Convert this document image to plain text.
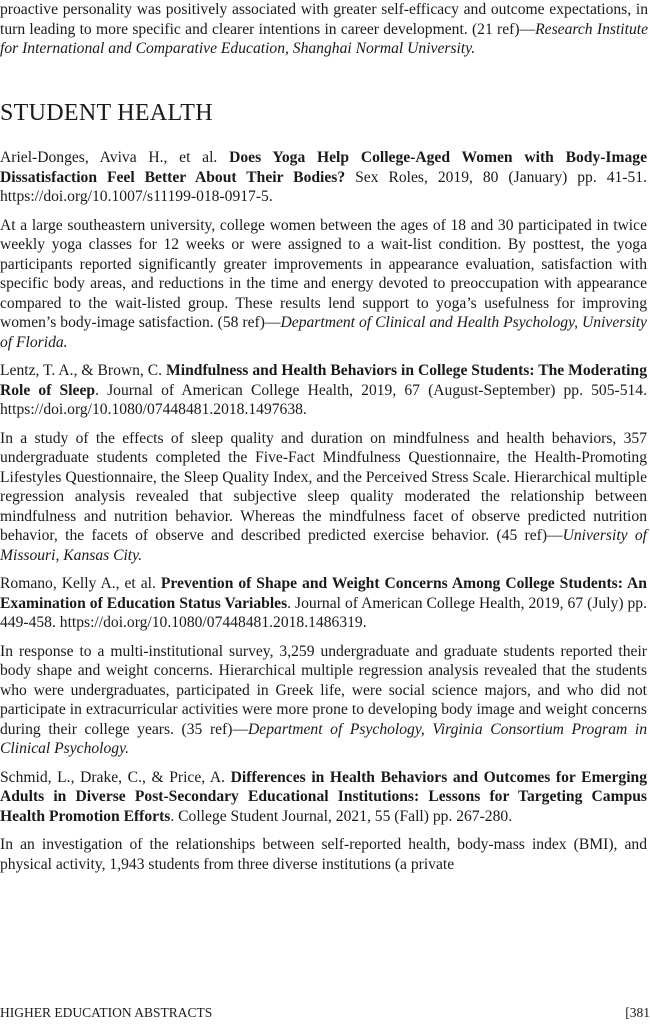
proactive personality was positively associated with greater self-efficacy and outcome expectations, in turn leading to more specific and clearer intentions in career development. (21 ref)—Research Institute for International and Comparative Education, Shanghai Normal University.

STUDENT HEALTH

Ariel-Donges, Aviva H., et al. Does Yoga Help College-Aged Women with Body-Image Dissatisfaction Feel Better About Their Bodies? Sex Roles, 2019, 80 (January) pp. 41-51. https://doi.org/10.1007/s11199-018-0917-5.

At a large southeastern university, college women between the ages of 18 and 30 participated in twice weekly yoga classes for 12 weeks or were assigned to a wait-list condition. By posttest, the yoga participants reported significantly greater improvements in appearance evaluation, satisfaction with specific body areas, and reductions in the time and energy devoted to preoccupation with appearance compared to the wait-listed group. These results lend support to yoga’s usefulness for improving women’s body-image satisfaction. (58 ref)—Department of Clinical and Health Psychology, University of Florida.

Lentz, T. A., & Brown, C. Mindfulness and Health Behaviors in College Students: The Moderating Role of Sleep. Journal of American College Health, 2019, 67 (August-September) pp. 505-514. https://doi.org/10.1080/07448481.2018.1497638.

In a study of the effects of sleep quality and duration on mindfulness and health behaviors, 357 undergraduate students completed the Five-Fact Mindfulness Questionnaire, the Health-Promoting Lifestyles Questionnaire, the Sleep Quality Index, and the Perceived Stress Scale. Hierarchical multiple regression analysis revealed that subjective sleep quality moderated the relationship between mindfulness and nutrition behavior. Whereas the mindfulness facet of observe predicted nutrition behavior, the facets of observe and described predicted exercise behavior. (45 ref)—University of Missouri, Kansas City.

Romano, Kelly A., et al. Prevention of Shape and Weight Concerns Among College Students: An Examination of Education Status Variables. Journal of American College Health, 2019, 67 (July) pp. 449-458. https://doi.org/10.1080/07448481.2018.1486319.

In response to a multi-institutional survey, 3,259 undergraduate and graduate students reported their body shape and weight concerns. Hierarchical multiple regression analysis revealed that the students who were undergraduates, participated in Greek life, were social science majors, and who did not participate in extracurricular activities were more prone to developing body image and weight concerns during their college years. (35 ref)—Department of Psychology, Virginia Consortium Program in Clinical Psychology.

Schmid, L., Drake, C., & Price, A. Differences in Health Behaviors and Outcomes for Emerging Adults in Diverse Post-Secondary Educational Institutions: Lessons for Targeting Campus Health Promotion Efforts. College Student Journal, 2021, 55 (Fall) pp. 267-280.

In an investigation of the relationships between self-reported health, body-mass index (BMI), and physical activity, 1,943 students from three diverse institutions (a private

HIGHER EDUCATION ABSTRACTS	[381
